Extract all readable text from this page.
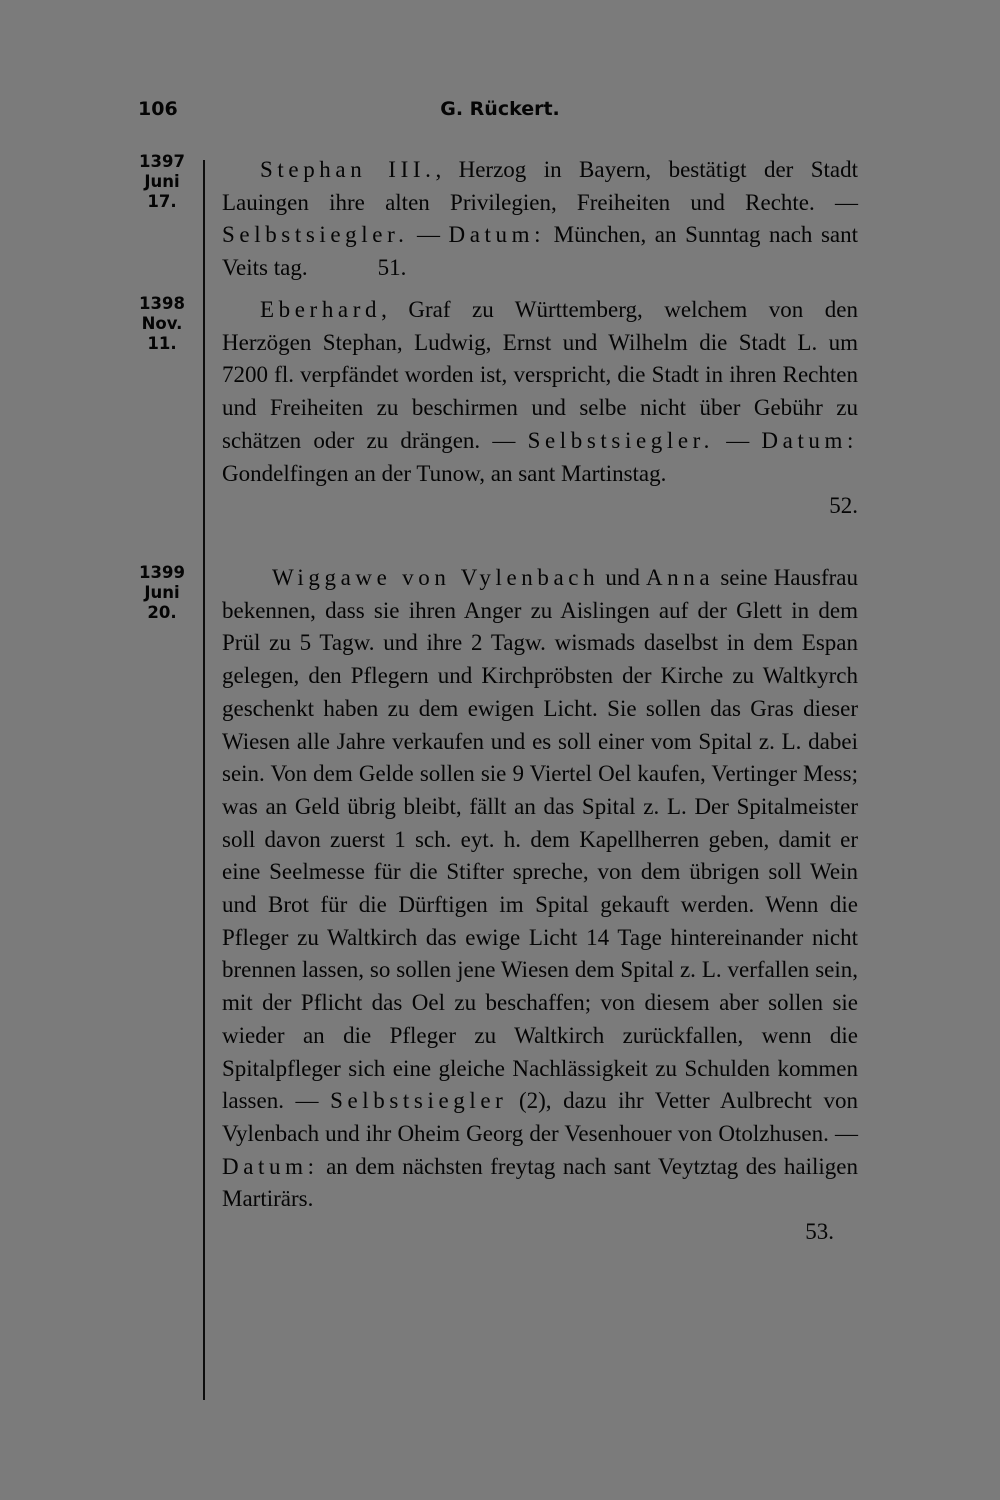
106	G. Rückert.
1397
Juni
17.
Stephan III., Herzog in Bayern, bestätigt der Stadt Lauingen ihre alten Privilegien, Freiheiten und Rechte. — Selbstsiegler. — Datum: München, an Sunntag nach sant Veits tag.	51.
1398
Nov.
11.
Eberhard, Graf zu Württemberg, welchem von den Herzögen Stephan, Ludwig, Ernst und Wilhelm die Stadt L. um 7200 fl. verpfändet worden ist, verspricht, die Stadt in ihren Rechten und Freiheiten zu beschirmen und selbe nicht über Gebühr zu schätzen oder zu drängen. — Selbstsiegler. — Datum: Gondelfingen an der Tunow, an sant Martinstag.
52.
1399
Juni
20.
Wiggawe von Vylenbach und Anna seine Hausfrau bekennen, dass sie ihren Anger zu Aislingen auf der Glett in dem Prül zu 5 Tagw. und ihre 2 Tagw. wismads daselbst in dem Espan gelegen, den Pflegern und Kirchpröbsten der Kirche zu Waltkyrch geschenkt haben zu dem ewigen Licht. Sie sollen das Gras dieser Wiesen alle Jahre verkaufen und es soll einer vom Spital z. L. dabei sein. Von dem Gelde sollen sie 9 Viertel Oel kaufen, Vertinger Mess; was an Geld übrig bleibt, fällt an das Spital z. L. Der Spitalmeister soll davon zuerst 1 sch. eyt. h. dem Kapellherren geben, damit er eine Seelmesse für die Stifter spreche, von dem übrigen soll Wein und Brot für die Dürftigen im Spital gekauft werden. Wenn die Pfleger zu Waltkirch das ewige Licht 14 Tage hintereinander nicht brennen lassen, so sollen jene Wiesen dem Spital z. L. verfallen sein, mit der Pflicht das Oel zu beschaffen; von diesem aber sollen sie wieder an die Pfleger zu Waltkirch zurückfallen, wenn die Spitalpfleger sich eine gleiche Nachlässigkeit zu Schulden kommen lassen. — Selbstsiegler (2), dazu ihr Vetter Aulbrecht von Vylenbach und ihr Oheim Georg der Vesenhouer von Otolzhusen. — Datum: an dem nächsten freytag nach sant Veytztag des hailigen Martirärs.
53.
